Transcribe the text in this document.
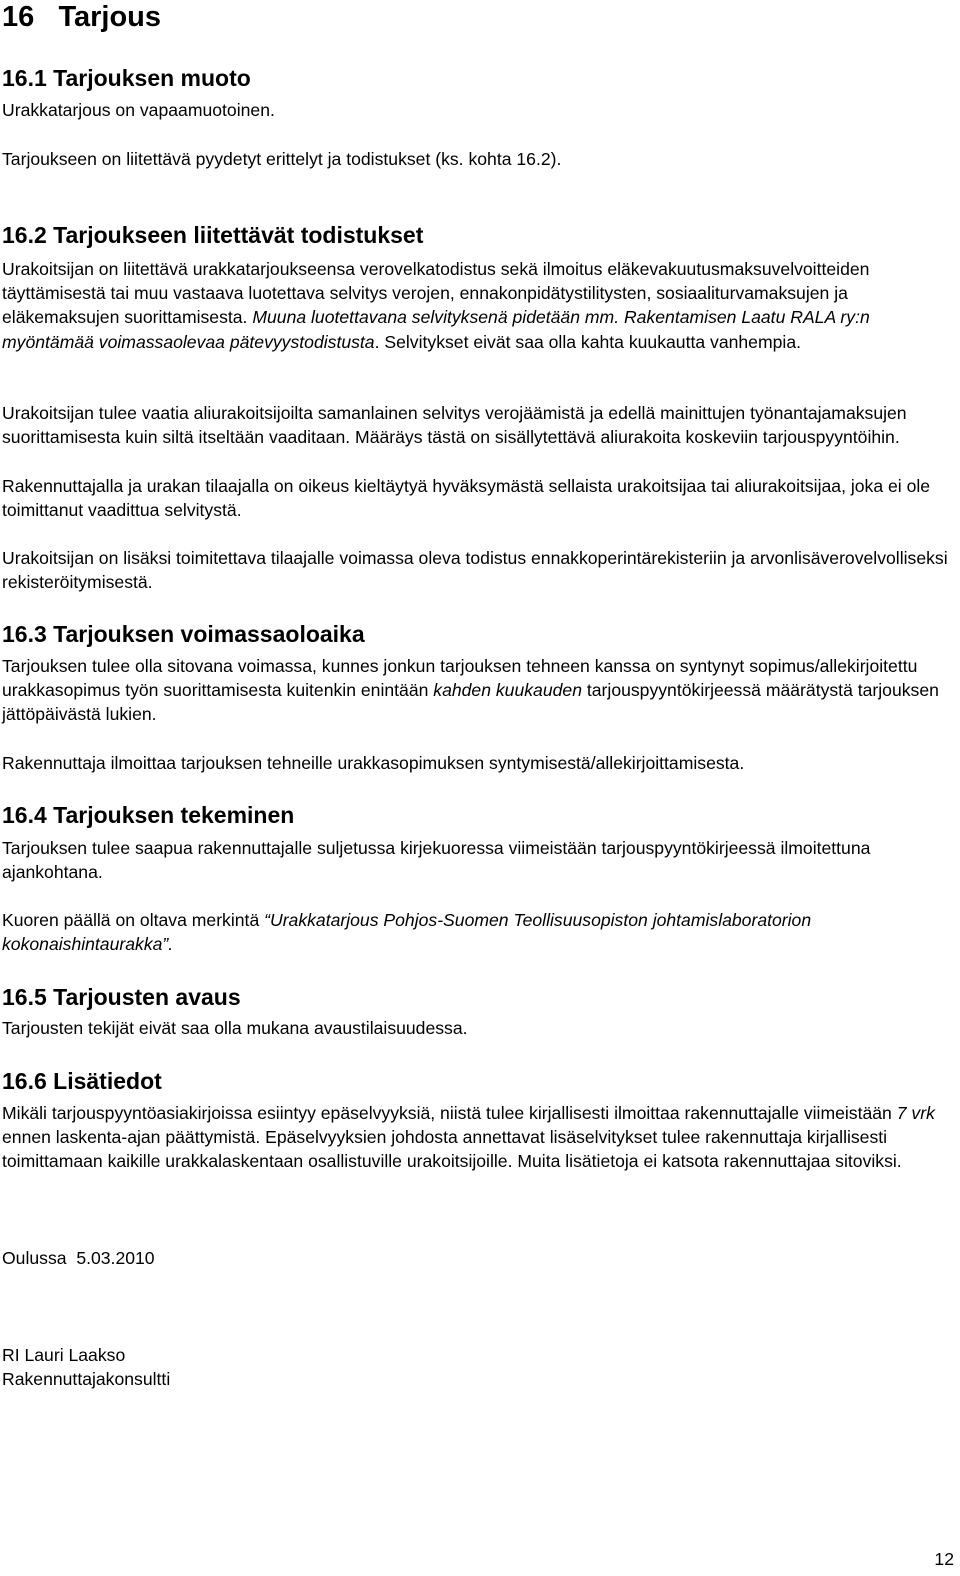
16 Tarjous
16.1 Tarjouksen muoto
Urakkatarjous on vapaamuotoinen.
Tarjoukseen on liitettävä pyydetyt erittelyt ja todistukset (ks. kohta 16.2).
16.2 Tarjoukseen liitettävät todistukset
Urakoitsijan on liitettävä urakkatarjoukseensa verovelkatodistus sekä ilmoitus eläkevakuutusmaksuvelvoitteiden täyttämisestä tai muu vastaava luotettava selvitys verojen, ennakonpidätystilitysten, sosiaaliturvamaksujen ja eläkemaksujen suorittamisesta. Muuna luotettavana selvityksenä pidetään mm. Rakentamisen Laatu RALA ry:n myöntämää voimassaolevaa pätevyystodistusta. Selvitykset eivät saa olla kahta kuukautta vanhempia.
Urakoitsijan tulee vaatia aliurakoitsijoilta samanlainen selvitys verojäämistä ja edellä mainittujen työnantajamaksujen suorittamisesta kuin siltä itseltään vaaditaan. Määräys tästä on sisällytettävä aliurakoita koskeviin tarjouspyyntöihin.
Rakennuttajalla ja urakan tilaajalla on oikeus kieltäytyä hyväksymästä sellaista urakoitsijaa tai aliurakoitsijaa, joka ei ole toimittanut vaadittua selvitystä.
Urakoitsijan on lisäksi toimitettava tilaajalle voimassa oleva todistus ennakkoperintärekisteriin ja arvonlisäverovelvolliseksi rekisteröitymisestä.
16.3 Tarjouksen voimassaoloaika
Tarjouksen tulee olla sitovana voimassa, kunnes jonkun tarjouksen tehneen kanssa on syntynyt sopimus/allekirjoitettu urakkasopimus työn suorittamisesta kuitenkin enintään kahden kuukauden tarjouspyyntökirjeessä määrätystä tarjouksen jättöpäivästä lukien.
Rakennuttaja ilmoittaa tarjouksen tehneille urakkasopimuksen syntymisestä/allekirjoittamisesta.
16.4 Tarjouksen tekeminen
Tarjouksen tulee saapua rakennuttajalle suljetussa kirjekuoressa viimeistään tarjouspyyntökirjeessä ilmoitettuna ajankohtana.
Kuoren päällä on oltava merkintä “Urakkatarjous Pohjos-Suomen Teollisuusopiston johtamislaboratorion kokonaishintaurakka”.
16.5 Tarjousten avaus
Tarjousten tekijät eivät saa olla mukana avaustilaisuudessa.
16.6 Lisätiedot
Mikäli tarjouspyyntöasiakirjoissa esiintyy epäselvyyksiä, niistä tulee kirjallisesti ilmoittaa rakennuttajalle viimeistään 7 vrk ennen laskenta-ajan päättymistä. Epäselvyyksien johdosta annettavat lisäselvitykset tulee rakennuttaja kirjallisesti toimittamaan kaikille urakkalaskentaan osallistuville urakoitsijoille. Muita lisätietoja ei katsota rakennuttajaa sitoviksi.
Oulussa  5.03.2010
RI Lauri Laakso
Rakennuttajakonsultti
12
